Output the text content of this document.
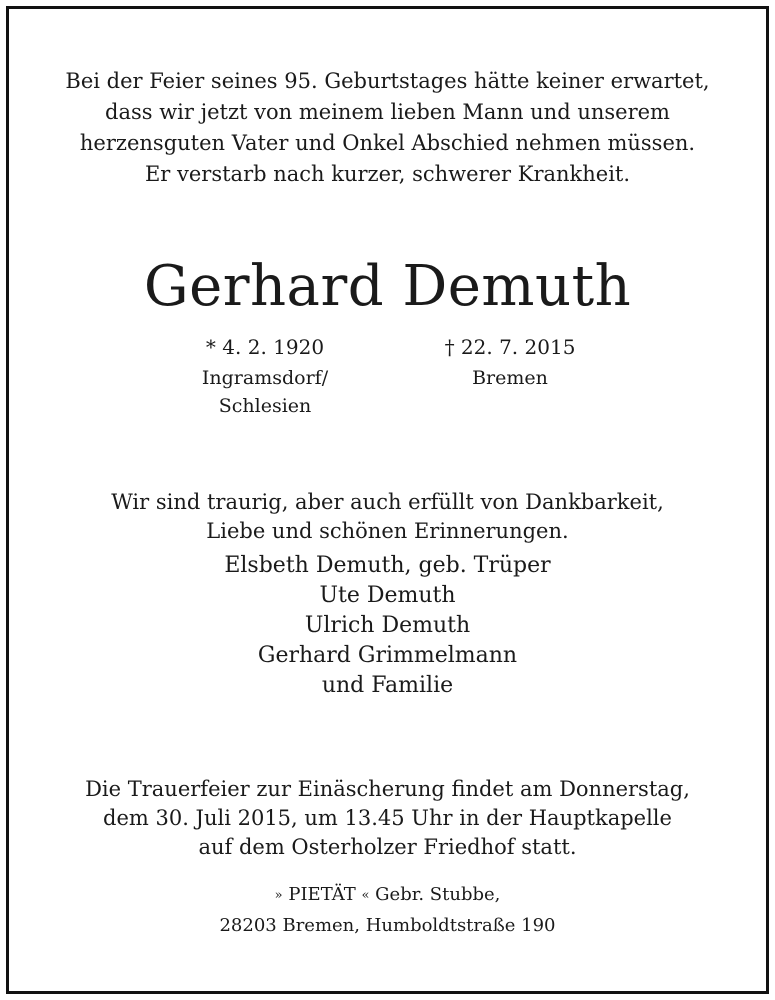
Bei der Feier seines 95. Geburtstages hätte keiner erwartet,
dass wir jetzt von meinem lieben Mann und unserem
herzensguten Vater und Onkel Abschied nehmen müssen.
Er verstarb nach kurzer, schwerer Krankheit.
Gerhard Demuth
* 4. 2. 1920
Ingramsdorf/
Schlesien
† 22. 7. 2015
Bremen
Wir sind traurig, aber auch erfüllt von Dankbarkeit,
Liebe und schönen Erinnerungen.
Elsbeth Demuth, geb. Trüper
Ute Demuth
Ulrich Demuth
Gerhard Grimmelmann
und Familie
Die Trauerfeier zur Einäscherung findet am Donnerstag,
dem 30. Juli 2015, um 13.45 Uhr in der Hauptkapelle
auf dem Osterholzer Friedhof statt.
» PIETÄT « Gebr. Stubbe,
28203 Bremen, Humboldtstraße 190
